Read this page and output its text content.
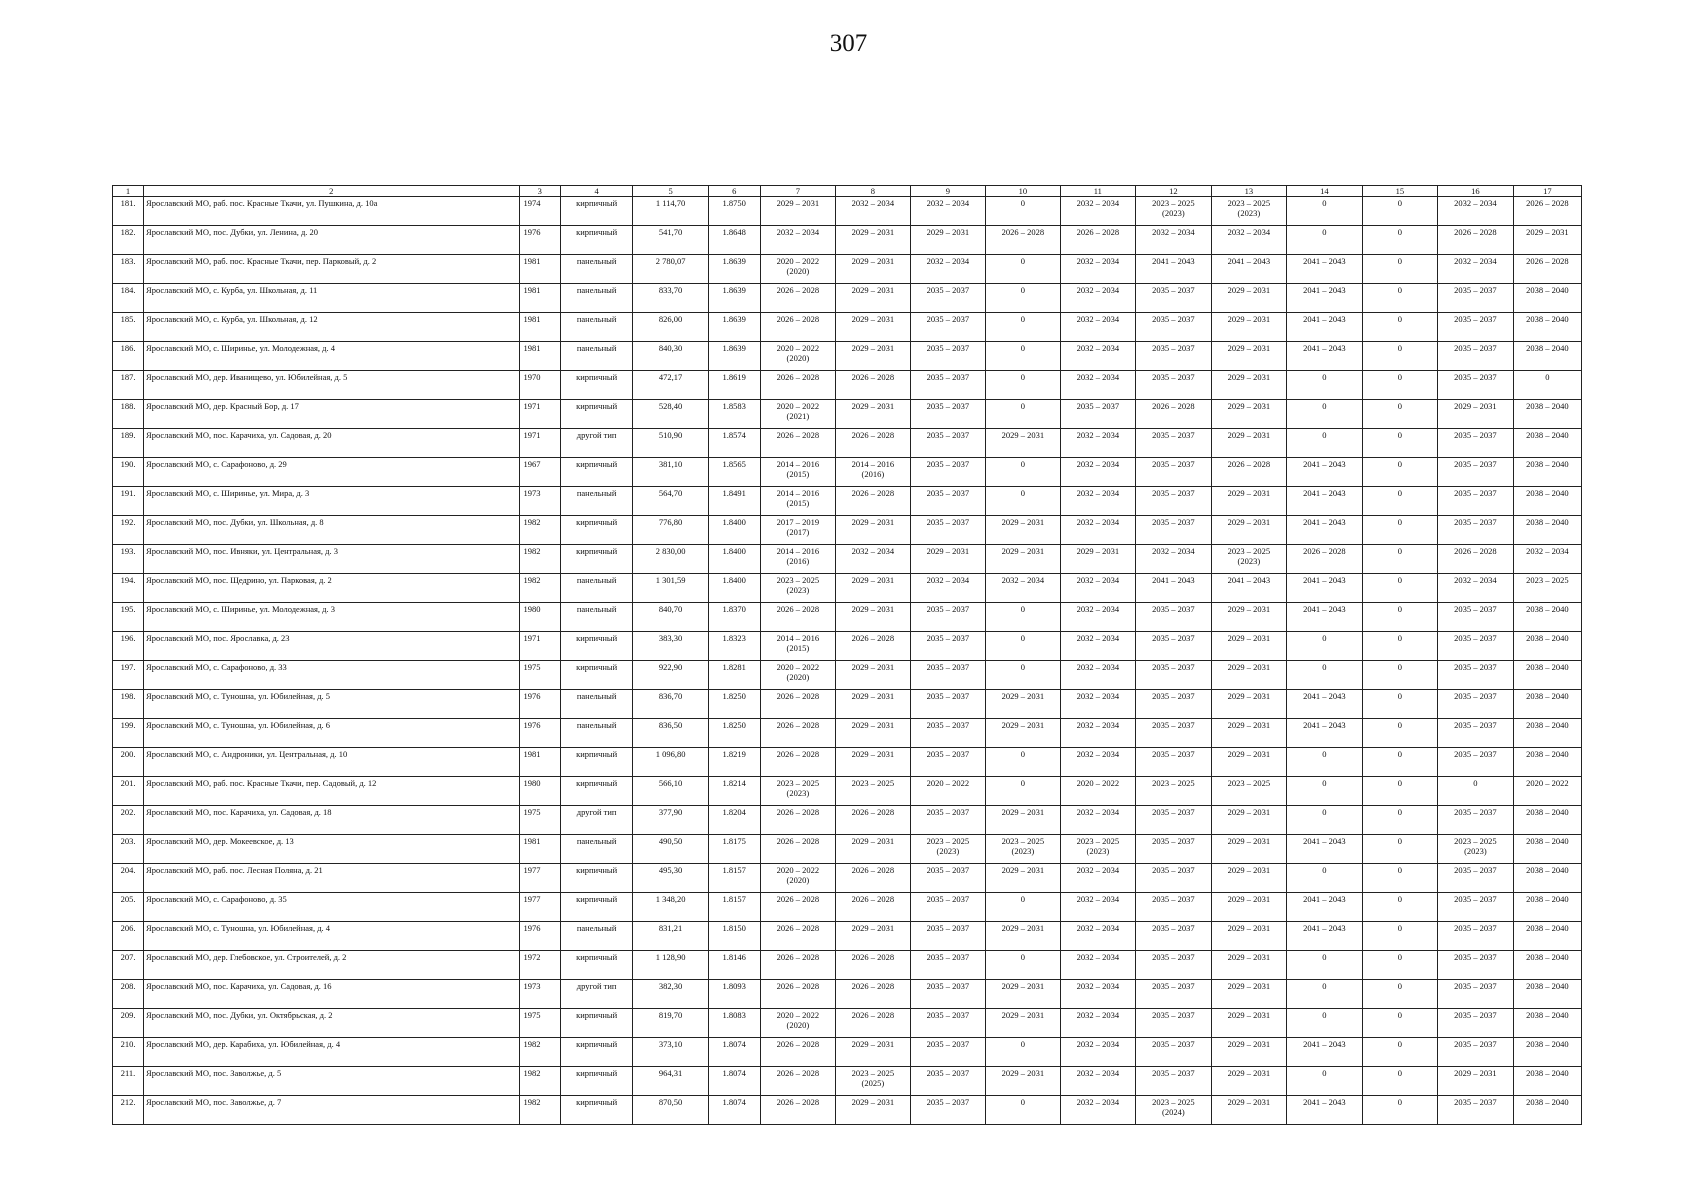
307
1	2	3	4	5	6	7	8	9	10	11	12	13	14	15	16	17

181.	Ярославский МО, раб. пос. Красные Ткачи, ул. Пушкина, д. 10а	1974	кирпичный	1 114,70	1.8750	2029 – 2031	2032 – 2034	2032 – 2034	0	2032 – 2034	2023 – 2025
(2023)	2023 – 2025
(2023)	0	0	2032 – 2034	2026 – 2028

182.	Ярославский МО, пос. Дубки, ул. Ленина, д. 20	1976	кирпичный	541,70	1.8648	2032 – 2034	2029 – 2031	2029 – 2031	2026 – 2028	2026 – 2028	2032 – 2034	2032 – 2034	0	0	2026 – 2028	2029 – 2031

183.	Ярославский МО, раб. пос. Красные Ткачи, пер. Парковый, д. 2	1981	панельный	2 780,07	1.8639	2020 – 2022
(2020)	2029 – 2031	2032 – 2034	0	2032 – 2034	2041 – 2043	2041 – 2043	2041 – 2043	0	2032 – 2034	2026 – 2028

184.	Ярославский МО, с. Курба, ул. Школьная, д. 11	1981	панельный	833,70	1.8639	2026 – 2028	2029 – 2031	2035 – 2037	0	2032 – 2034	2035 – 2037	2029 – 2031	2041 – 2043	0	2035 – 2037	2038 – 2040

185.	Ярославский МО, с. Курба, ул. Школьная, д. 12	1981	панельный	826,00	1.8639	2026 – 2028	2029 – 2031	2035 – 2037	0	2032 – 2034	2035 – 2037	2029 – 2031	2041 – 2043	0	2035 – 2037	2038 – 2040

186.	Ярославский МО, с. Ширинье, ул. Молодежная, д. 4	1981	панельный	840,30	1.8639	2020 – 2022
(2020)	2029 – 2031	2035 – 2037	0	2032 – 2034	2035 – 2037	2029 – 2031	2041 – 2043	0	2035 – 2037	2038 – 2040

187.	Ярославский МО, дер. Иванищево, ул. Юбилейная, д. 5	1970	кирпичный	472,17	1.8619	2026 – 2028	2026 – 2028	2035 – 2037	0	2032 – 2034	2035 – 2037	2029 – 2031	0	0	2035 – 2037	0

188.	Ярославский МО, дер. Красный Бор, д. 17	1971	кирпичный	528,40	1.8583	2020 – 2022
(2021)	2029 – 2031	2035 – 2037	0	2035 – 2037	2026 – 2028	2029 – 2031	0	0	2029 – 2031	2038 – 2040

189.	Ярославский МО, пос. Карачиха, ул. Садовая, д. 20	1971	другой тип	510,90	1.8574	2026 – 2028	2026 – 2028	2035 – 2037	2029 – 2031	2032 – 2034	2035 – 2037	2029 – 2031	0	0	2035 – 2037	2038 – 2040

190.	Ярославский МО, с. Сарафоново, д. 29	1967	кирпичный	381,10	1.8565	2014 – 2016
(2015)	2014 – 2016
(2016)	2035 – 2037	0	2032 – 2034	2035 – 2037	2026 – 2028	2041 – 2043	0	2035 – 2037	2038 – 2040

191.	Ярославский МО, с. Ширинье, ул. Мира, д. 3	1973	панельный	564,70	1.8491	2014 – 2016
(2015)	2026 – 2028	2035 – 2037	0	2032 – 2034	2035 – 2037	2029 – 2031	2041 – 2043	0	2035 – 2037	2038 – 2040

192.	Ярославский МО, пос. Дубки, ул. Школьная, д. 8	1982	кирпичный	776,80	1.8400	2017 – 2019
(2017)	2029 – 2031	2035 – 2037	2029 – 2031	2032 – 2034	2035 – 2037	2029 – 2031	2041 – 2043	0	2035 – 2037	2038 – 2040

193.	Ярославский МО, пос. Ивняки, ул. Центральная, д. 3	1982	кирпичный	2 830,00	1.8400	2014 – 2016
(2016)	2032 – 2034	2029 – 2031	2029 – 2031	2029 – 2031	2032 – 2034	2023 – 2025
(2023)	2026 – 2028	0	2026 – 2028	2032 – 2034

194.	Ярославский МО, пос. Щедрино, ул. Парковая, д. 2	1982	панельный	1 301,59	1.8400	2023 – 2025
(2023)	2029 – 2031	2032 – 2034	2032 – 2034	2032 – 2034	2041 – 2043	2041 – 2043	2041 – 2043	0	2032 – 2034	2023 – 2025

195.	Ярославский МО, с. Ширинье, ул. Молодежная, д. 3	1980	панельный	840,70	1.8370	2026 – 2028	2029 – 2031	2035 – 2037	0	2032 – 2034	2035 – 2037	2029 – 2031	2041 – 2043	0	2035 – 2037	2038 – 2040

196.	Ярославский МО, пос. Ярославка, д. 23	1971	кирпичный	383,30	1.8323	2014 – 2016
(2015)	2026 – 2028	2035 – 2037	0	2032 – 2034	2035 – 2037	2029 – 2031	0	0	2035 – 2037	2038 – 2040

197.	Ярославский МО, с. Сарафоново, д. 33	1975	кирпичный	922,90	1.8281	2020 – 2022
(2020)	2029 – 2031	2035 – 2037	0	2032 – 2034	2035 – 2037	2029 – 2031	0	0	2035 – 2037	2038 – 2040

198.	Ярославский МО, с. Туношна, ул. Юбилейная, д. 5	1976	панельный	836,70	1.8250	2026 – 2028	2029 – 2031	2035 – 2037	2029 – 2031	2032 – 2034	2035 – 2037	2029 – 2031	2041 – 2043	0	2035 – 2037	2038 – 2040

199.	Ярославский МО, с. Туношна, ул. Юбилейная, д. 6	1976	панельный	836,50	1.8250	2026 – 2028	2029 – 2031	2035 – 2037	2029 – 2031	2032 – 2034	2035 – 2037	2029 – 2031	2041 – 2043	0	2035 – 2037	2038 – 2040

200.	Ярославский МО, с. Андроники, ул. Центральная, д. 10	1981	кирпичный	1 096,80	1.8219	2026 – 2028	2029 – 2031	2035 – 2037	0	2032 – 2034	2035 – 2037	2029 – 2031	0	0	2035 – 2037	2038 – 2040

201.	Ярославский МО, раб. пос. Красные Ткачи, пер. Садовый, д. 12	1980	кирпичный	566,10	1.8214	2023 – 2025
(2023)	2023 – 2025	2020 – 2022	0	2020 – 2022	2023 – 2025	2023 – 2025	0	0	0	2020 – 2022

202.	Ярославский МО, пос. Карачиха, ул. Садовая, д. 18	1975	другой тип	377,90	1.8204	2026 – 2028	2026 – 2028	2035 – 2037	2029 – 2031	2032 – 2034	2035 – 2037	2029 – 2031	0	0	2035 – 2037	2038 – 2040

203.	Ярославский МО, дер. Мокеевское, д. 13	1981	панельный	490,50	1.8175	2026 – 2028	2029 – 2031	2023 – 2025
(2023)	2023 – 2025
(2023)	2023 – 2025
(2023)	2035 – 2037	2029 – 2031	2041 – 2043	0	2023 – 2025
(2023)	2038 – 2040

204.	Ярославский МО, раб. пос. Лесная Поляна, д. 21	1977	кирпичный	495,30	1.8157	2020 – 2022
(2020)	2026 – 2028	2035 – 2037	2029 – 2031	2032 – 2034	2035 – 2037	2029 – 2031	0	0	2035 – 2037	2038 – 2040

205.	Ярославский МО, с. Сарафоново, д. 35	1977	кирпичный	1 348,20	1.8157	2026 – 2028	2026 – 2028	2035 – 2037	0	2032 – 2034	2035 – 2037	2029 – 2031	2041 – 2043	0	2035 – 2037	2038 – 2040

206.	Ярославский МО, с. Туношна, ул. Юбилейная, д. 4	1976	панельный	831,21	1.8150	2026 – 2028	2029 – 2031	2035 – 2037	2029 – 2031	2032 – 2034	2035 – 2037	2029 – 2031	2041 – 2043	0	2035 – 2037	2038 – 2040

207.	Ярославский МО, дер. Глебовское, ул. Строителей, д. 2	1972	кирпичный	1 128,90	1.8146	2026 – 2028	2026 – 2028	2035 – 2037	0	2032 – 2034	2035 – 2037	2029 – 2031	0	0	2035 – 2037	2038 – 2040

208.	Ярославский МО, пос. Карачиха, ул. Садовая, д. 16	1973	другой тип	382,30	1.8093	2026 – 2028	2026 – 2028	2035 – 2037	2029 – 2031	2032 – 2034	2035 – 2037	2029 – 2031	0	0	2035 – 2037	2038 – 2040

209.	Ярославский МО, пос. Дубки, ул. Октябрьская, д. 2	1975	кирпичный	819,70	1.8083	2020 – 2022
(2020)	2026 – 2028	2035 – 2037	2029 – 2031	2032 – 2034	2035 – 2037	2029 – 2031	0	0	2035 – 2037	2038 – 2040

210.	Ярославский МО, дер. Карабиха, ул. Юбилейная, д. 4	1982	кирпичный	373,10	1.8074	2026 – 2028	2029 – 2031	2035 – 2037	0	2032 – 2034	2035 – 2037	2029 – 2031	2041 – 2043	0	2035 – 2037	2038 – 2040

211.	Ярославский МО, пос. Заволжье, д. 5	1982	кирпичный	964,31	1.8074	2026 – 2028	2023 – 2025
(2025)	2035 – 2037	2029 – 2031	2032 – 2034	2035 – 2037	2029 – 2031	0	0	2029 – 2031	2038 – 2040

212.	Ярославский МО, пос. Заволжье, д. 7	1982	кирпичный	870,50	1.8074	2026 – 2028	2029 – 2031	2035 – 2037	0	2032 – 2034	2023 – 2025
(2024)	2029 – 2031	2041 – 2043	0	2035 – 2037	2038 – 2040
